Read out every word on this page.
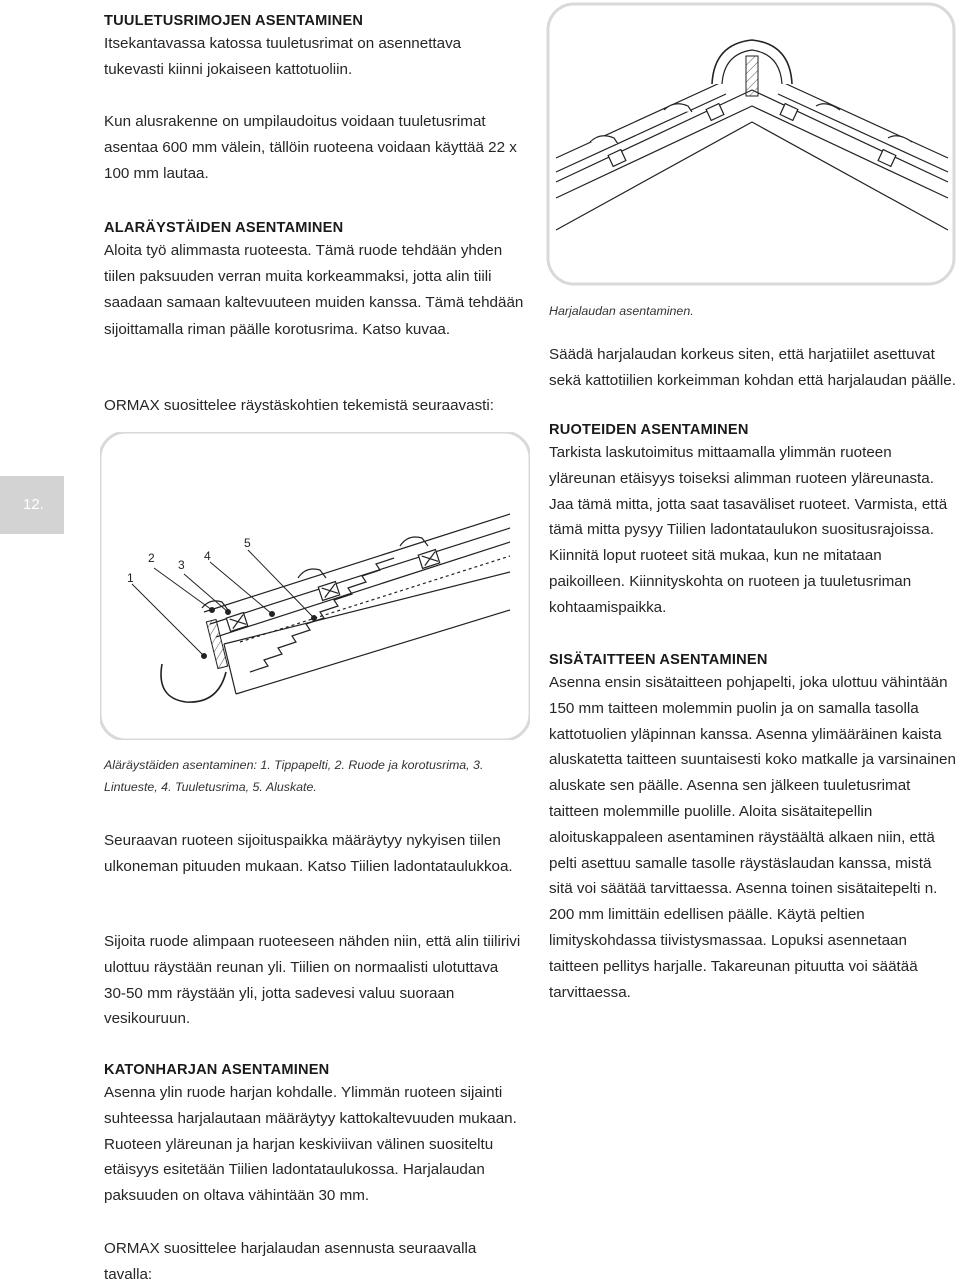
12.
TUULETUSRIMOJEN ASENTAMINEN

Itsekantavassa katossa tuuletusrimat on asennettava tukevasti kiinni jokaiseen kattotuoliin.

Kun alusrakenne on umpilaudoitus voidaan tuuletusrimat asentaa 600 mm välein, tällöin ruoteena voidaan käyttää 22 x 100 mm lautaa.

ALARÄYSTÄIDEN ASENTAMINEN

Aloita työ alimmasta ruoteesta. Tämä ruode tehdään yhden tiilen paksuuden verran muita korkeammaksi, jotta alin tiili saadaan samaan kaltevuuteen muiden kanssa. Tämä tehdään sijoittamalla riman päälle korotusrima. Katso kuvaa.

ORMAX suosittelee räystäskohtien tekemistä seuraavasti:

1
2 3
4
5

Aläräystäiden asentaminen: 1. Tippapelti, 2. Ruode ja korotusrima, 3. Lintueste, 4. Tuuletusrima, 5. Aluskate.

Seuraavan ruoteen sijoituspaikka määräytyy nykyisen tiilen ulkoneman pituuden mukaan. Katso Tiilien ladontataulukkoa.

Sijoita ruode alimpaan ruoteeseen nähden niin, että alin tiilirivi ulottuu räystään reunan yli. Tiilien on normaalisti ulotuttava 30-50 mm räystään yli, jotta sadevesi valuu suoraan vesikouruun.

KATONHARJAN ASENTAMINEN

Asenna ylin ruode harjan kohdalle. Ylimmän ruoteen sijainti suhteessa harjalautaan määräytyy kattokaltevuuden mukaan. Ruoteen yläreunan ja harjan keskiviivan välinen suositeltu etäisyys esitetään Tiilien ladontataulukossa. Harjalaudan paksuuden on oltava vähintään 30 mm.

ORMAX suosittelee harjalaudan asennusta seuraavalla tavalla:

Harjalaudan asentaminen.

Säädä harjalaudan korkeus siten, että harjatiilet asettuvat sekä kattotiilien korkeimman kohdan että harjalaudan päälle.

RUOTEIDEN ASENTAMINEN

Tarkista laskutoimitus mittaamalla ylimmän ruoteen yläreunan etäisyys toiseksi alimman ruoteen yläreunasta. Jaa tämä mitta, jotta saat tasaväliset ruoteet. Varmista, että tämä mitta pysyy Tiilien ladontataulukon suositusrajoissa. Kiinnitä loput ruoteet sitä mukaa, kun ne mitataan paikoilleen. Kiinnityskohta on ruoteen ja tuuletusriman kohtaamispaikka.

SISÄTAITTEEN ASENTAMINEN

Asenna ensin sisätaitteen pohjapelti, joka ulottuu vähintään 150 mm taitteen molemmin puolin ja on samalla tasolla kattotuolien yläpinnan kanssa. Asenna ylimääräinen kaista aluskatetta taitteen suuntaisesti koko matkalle ja varsinainen aluskate sen päälle. Asenna sen jälkeen tuuletusrimat taitteen molemmille puolille. Aloita sisätaitepellin aloituskappaleen asentaminen räystäältä alkaen niin, että pelti asettuu samalle tasolle räystäslaudan kanssa, mistä sitä voi säätää tarvittaessa. Asenna toinen sisätaitepelti n. 200 mm limittäin edellisen päälle. Käytä peltien limityskohdassa tiivistysmassaa. Lopuksi asennetaan taitteen pellitys harjalle. Takareunan pituutta voi säätää tarvittaessa.
